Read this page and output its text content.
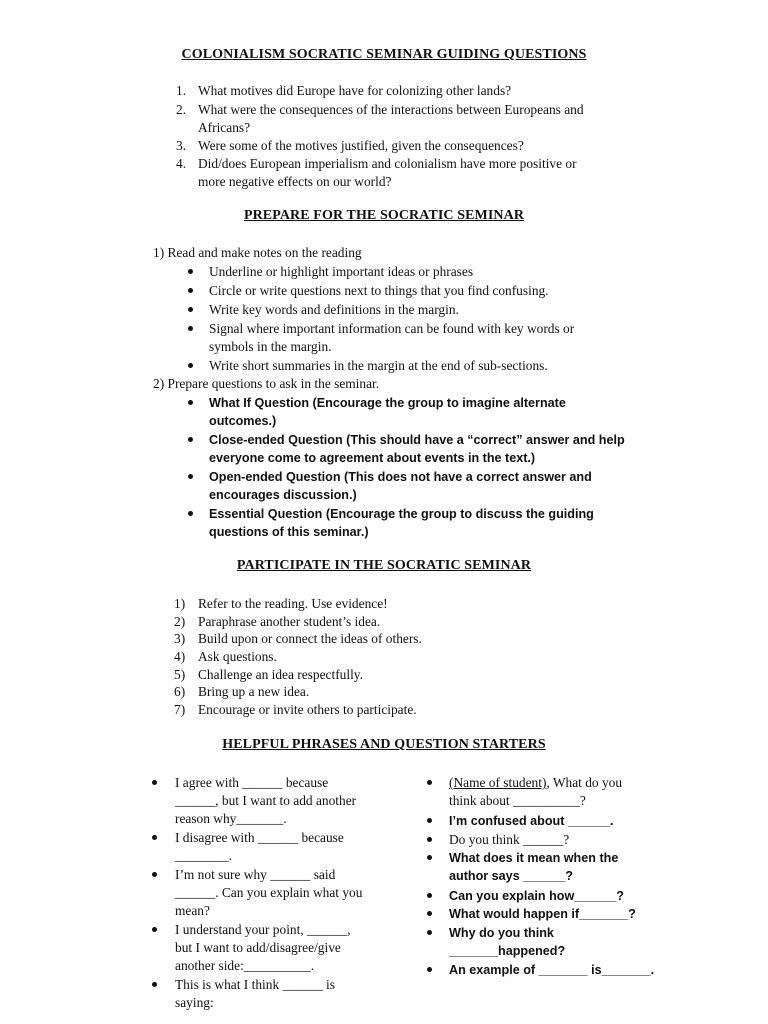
COLONIALISM SOCRATIC SEMINAR GUIDING QUESTIONS
PREPARE FOR THE SOCRATIC SEMINAR
PARTICIPATE IN THE SOCRATIC SEMINAR
HELPFUL PHRASES AND QUESTION STARTERS
1. What motives did Europe have for colonizing other lands?
2. What were the consequences of the interactions between Europeans and
Africans?
3. Were some of the motives justified, given the consequences?
4. Did/does European imperialism and colonialism have more positive or
more negative effects on our world?
1) Read and make notes on the reading
Underline or highlight important ideas or phrases
Circle or write questions next to things that you find confusing.
Write key words and definitions in the margin.
Signal where important information can be found with key words or
symbols in the margin.
Write short summaries in the margin at the end of sub-sections.
2) Prepare questions to ask in the seminar.
What If Question (Encourage the group to imagine alternate
outcomes.)
Close-ended Question (This should have a “correct” answer and help
everyone come to agreement about events in the text.)
Open-ended Question (This does not have a correct answer and
encourages discussion.)
Essential Question (Encourage the group to discuss the guiding
questions of this seminar.)
1) Refer to the reading. Use evidence!
2) Paraphrase another student’s idea.
3) Build upon or connect the ideas of others.
4) Ask questions.
5) Challenge an idea respectfully.
6) Bring up a new idea.
7) Encourage or invite others to participate.
I agree with ______ because
______, but I want to add another
reason why_______.
I disagree with ______ because
________.
I’m not sure why ______ said
______. Can you explain what you
mean?
I understand your point, ______,
but I want to add/disagree/give
another side:__________.
This is what I think ______ is
saying:
(Name of student), What do you
think about __________?
I’m confused about ______.
Do you think ______?
What does it mean when the
author says ______?
Can you explain how______?
What would happen if_______?
Why do you think
_______happened?
An example of _______ is_______.
